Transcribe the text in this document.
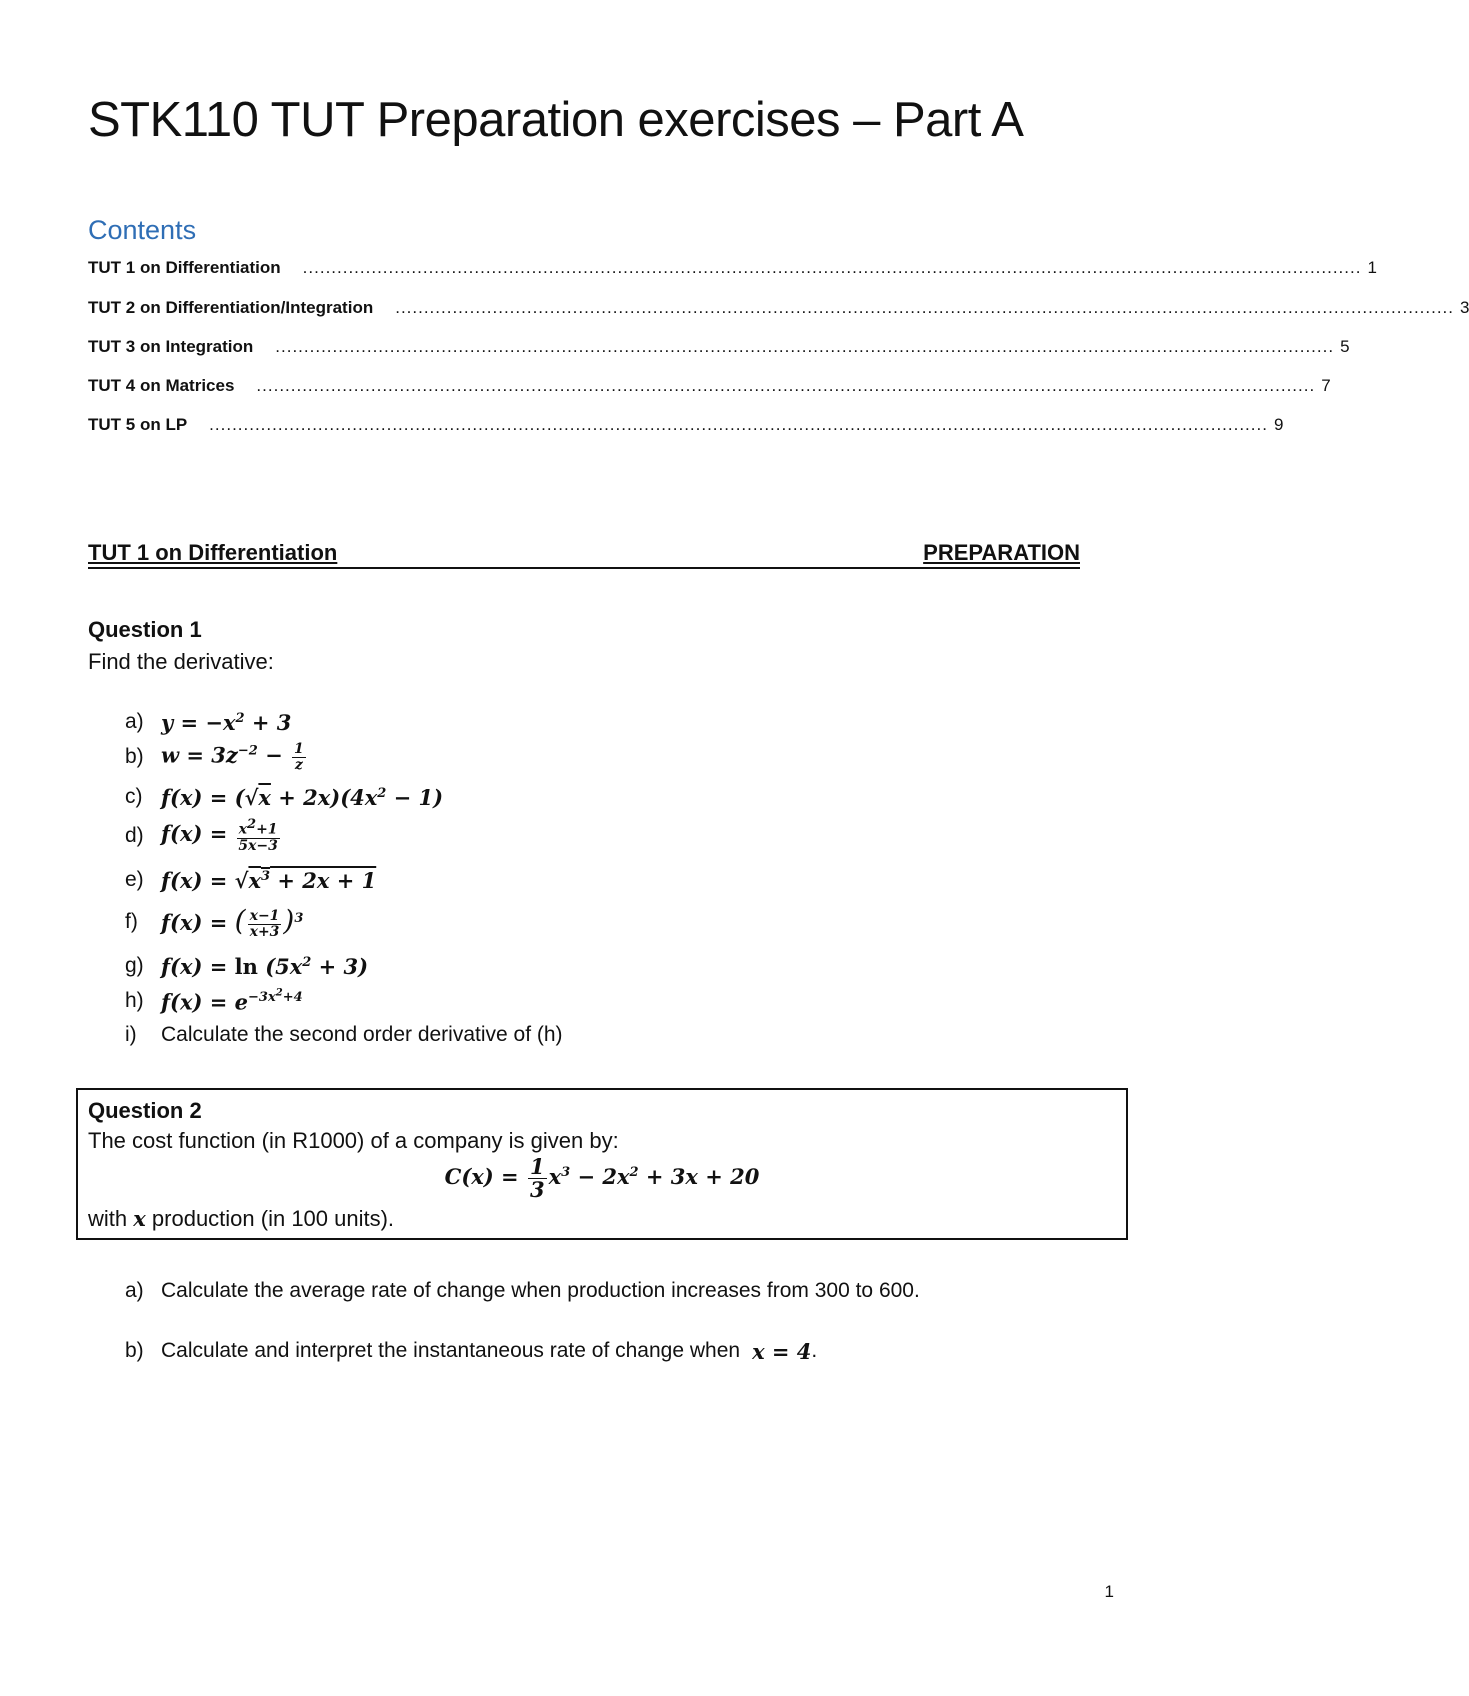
STK110 TUT Preparation exercises – Part A
Contents
TUT 1 on Differentiation ......................................................................................................................................................................................... 1
TUT 2 on Differentiation/Integration ......................................................................................................................................................................................... 3
TUT 3 on Integration ......................................................................................................................................................................................... 5
TUT 4 on Matrices ......................................................................................................................................................................................... 7
TUT 5 on LP ......................................................................................................................................................................................... 9
TUT 1 on Differentiation	PREPARATION
Question 1
Find the derivative:
a) $y = -x^2 + 3$
b) $w = 3z^{-2} - \frac{1}{z}$
c) $f(x) = (√x + 2x)(4x^2 - 1)$
d) $f(x) = \frac{x^2+1}{5x-3}$
e) $f(x) = √x^3 + 2x + 1$
f)	f(x) = ( $\frac{x-1}{x+3} )^3$
g) $f(x) = \ln (5x^2 + 3)$
h) $f(x) = e^{-3x^2+4}$
i)	Calculate the second order derivative of (h)
Question 2
The cost function (in R1000) of a company is given by:
$C(x) = \frac{1}{3} x^3 - 2x^2 + 3x + 20$
with x production (in 100 units).
a) Calculate the average rate of change when production increases from 300 to 600.
b) Calculate and interpret the instantaneous rate of change when x = 4 .
1
